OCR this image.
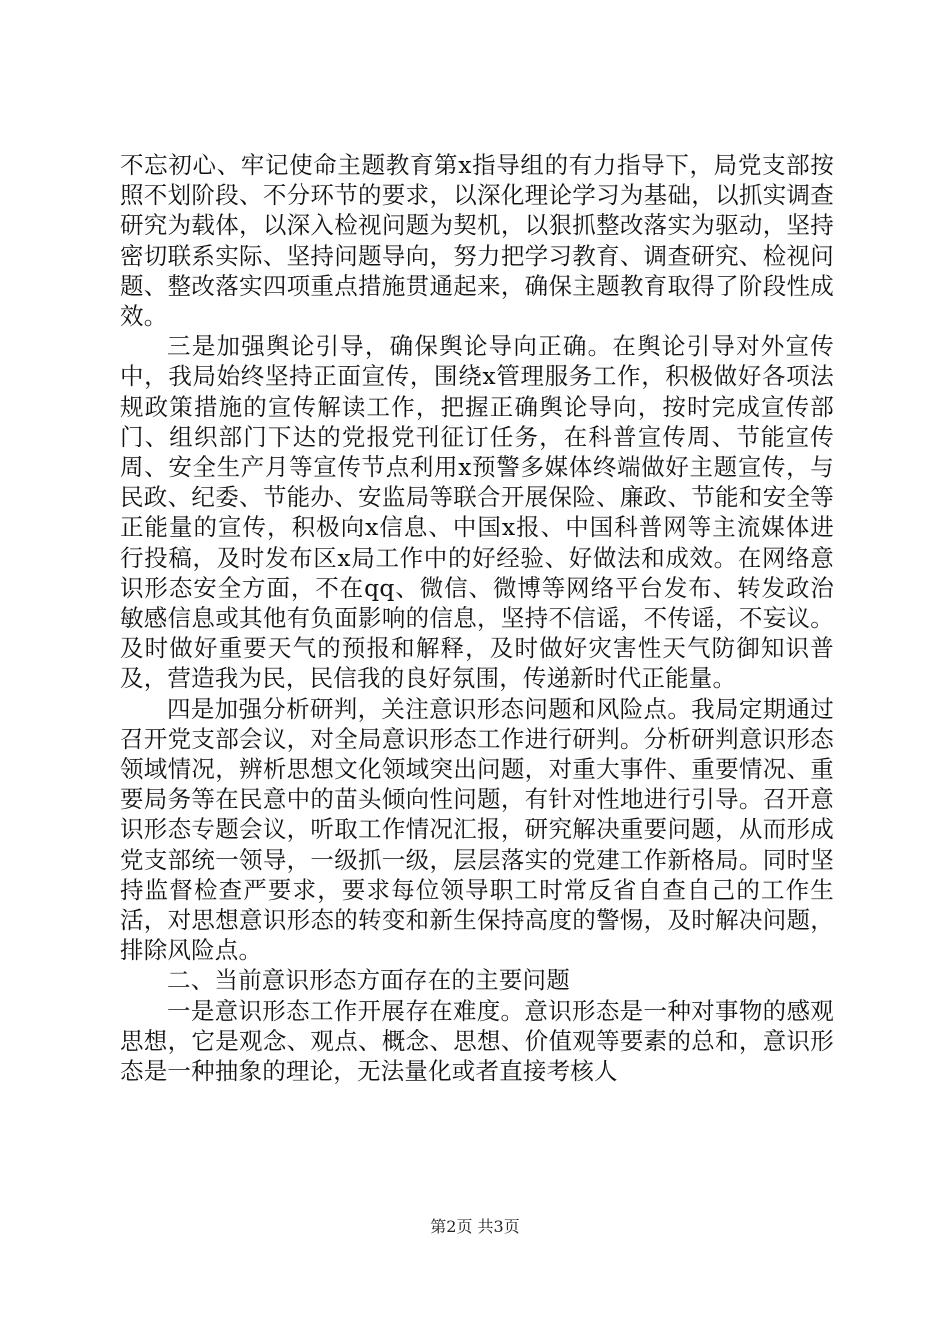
不忘初心、牢记使命主题教育第x指导组的有力指导下，局党支部按照不划阶段、不分环节的要求，以深化理论学习为基础，以抓实调查研究为载体，以深入检视问题为契机，以狠抓整改落实为驱动，坚持密切联系实际、坚持问题导向，努力把学习教育、调查研究、检视问题、整改落实四项重点措施贯通起来，确保主题教育取得了阶段性成效。

三是加强舆论引导，确保舆论导向正确。在舆论引导对外宣传中，我局始终坚持正面宣传，围绕x管理服务工作，积极做好各项法规政策措施的宣传解读工作，把握正确舆论导向，按时完成宣传部门、组织部门下达的党报党刊征订任务，在科普宣传周、节能宣传周、安全生产月等宣传节点利用x预警多媒体终端做好主题宣传，与民政、纪委、节能办、安监局等联合开展保险、廉政、节能和安全等正能量的宣传，积极向x信息、中国x报、中国科普网等主流媒体进行投稿，及时发布区x局工作中的好经验、好做法和成效。在网络意识形态安全方面，不在qq、微信、微博等网络平台发布、转发政治敏感信息或其他有负面影响的信息，坚持不信谣，不传谣，不妄议。及时做好重要天气的预报和解释，及时做好灾害性天气防御知识普及，营造我为民，民信我的良好氛围，传递新时代正能量。

四是加强分析研判，关注意识形态问题和风险点。我局定期通过召开党支部会议，对全局意识形态工作进行研判。分析研判意识形态领域情况，辨析思想文化领域突出问题，对重大事件、重要情况、重要局务等在民意中的苗头倾向性问题，有针对性地进行引导。召开意识形态专题会议，听取工作情况汇报，研究解决重要问题，从而形成党支部统一领导，一级抓一级，层层落实的党建工作新格局。同时坚持监督检查严要求，要求每位领导职工时常反省自查自己的工作生活，对思想意识形态的转变和新生保持高度的警惕，及时解决问题，排除风险点。

二、当前意识形态方面存在的主要问题

一是意识形态工作开展存在难度。意识形态是一种对事物的感观思想，它是观念、观点、概念、思想、价值观等要素的总和，意识形态是一种抽象的理论，无法量化或者直接考核人

第2页 共3页
